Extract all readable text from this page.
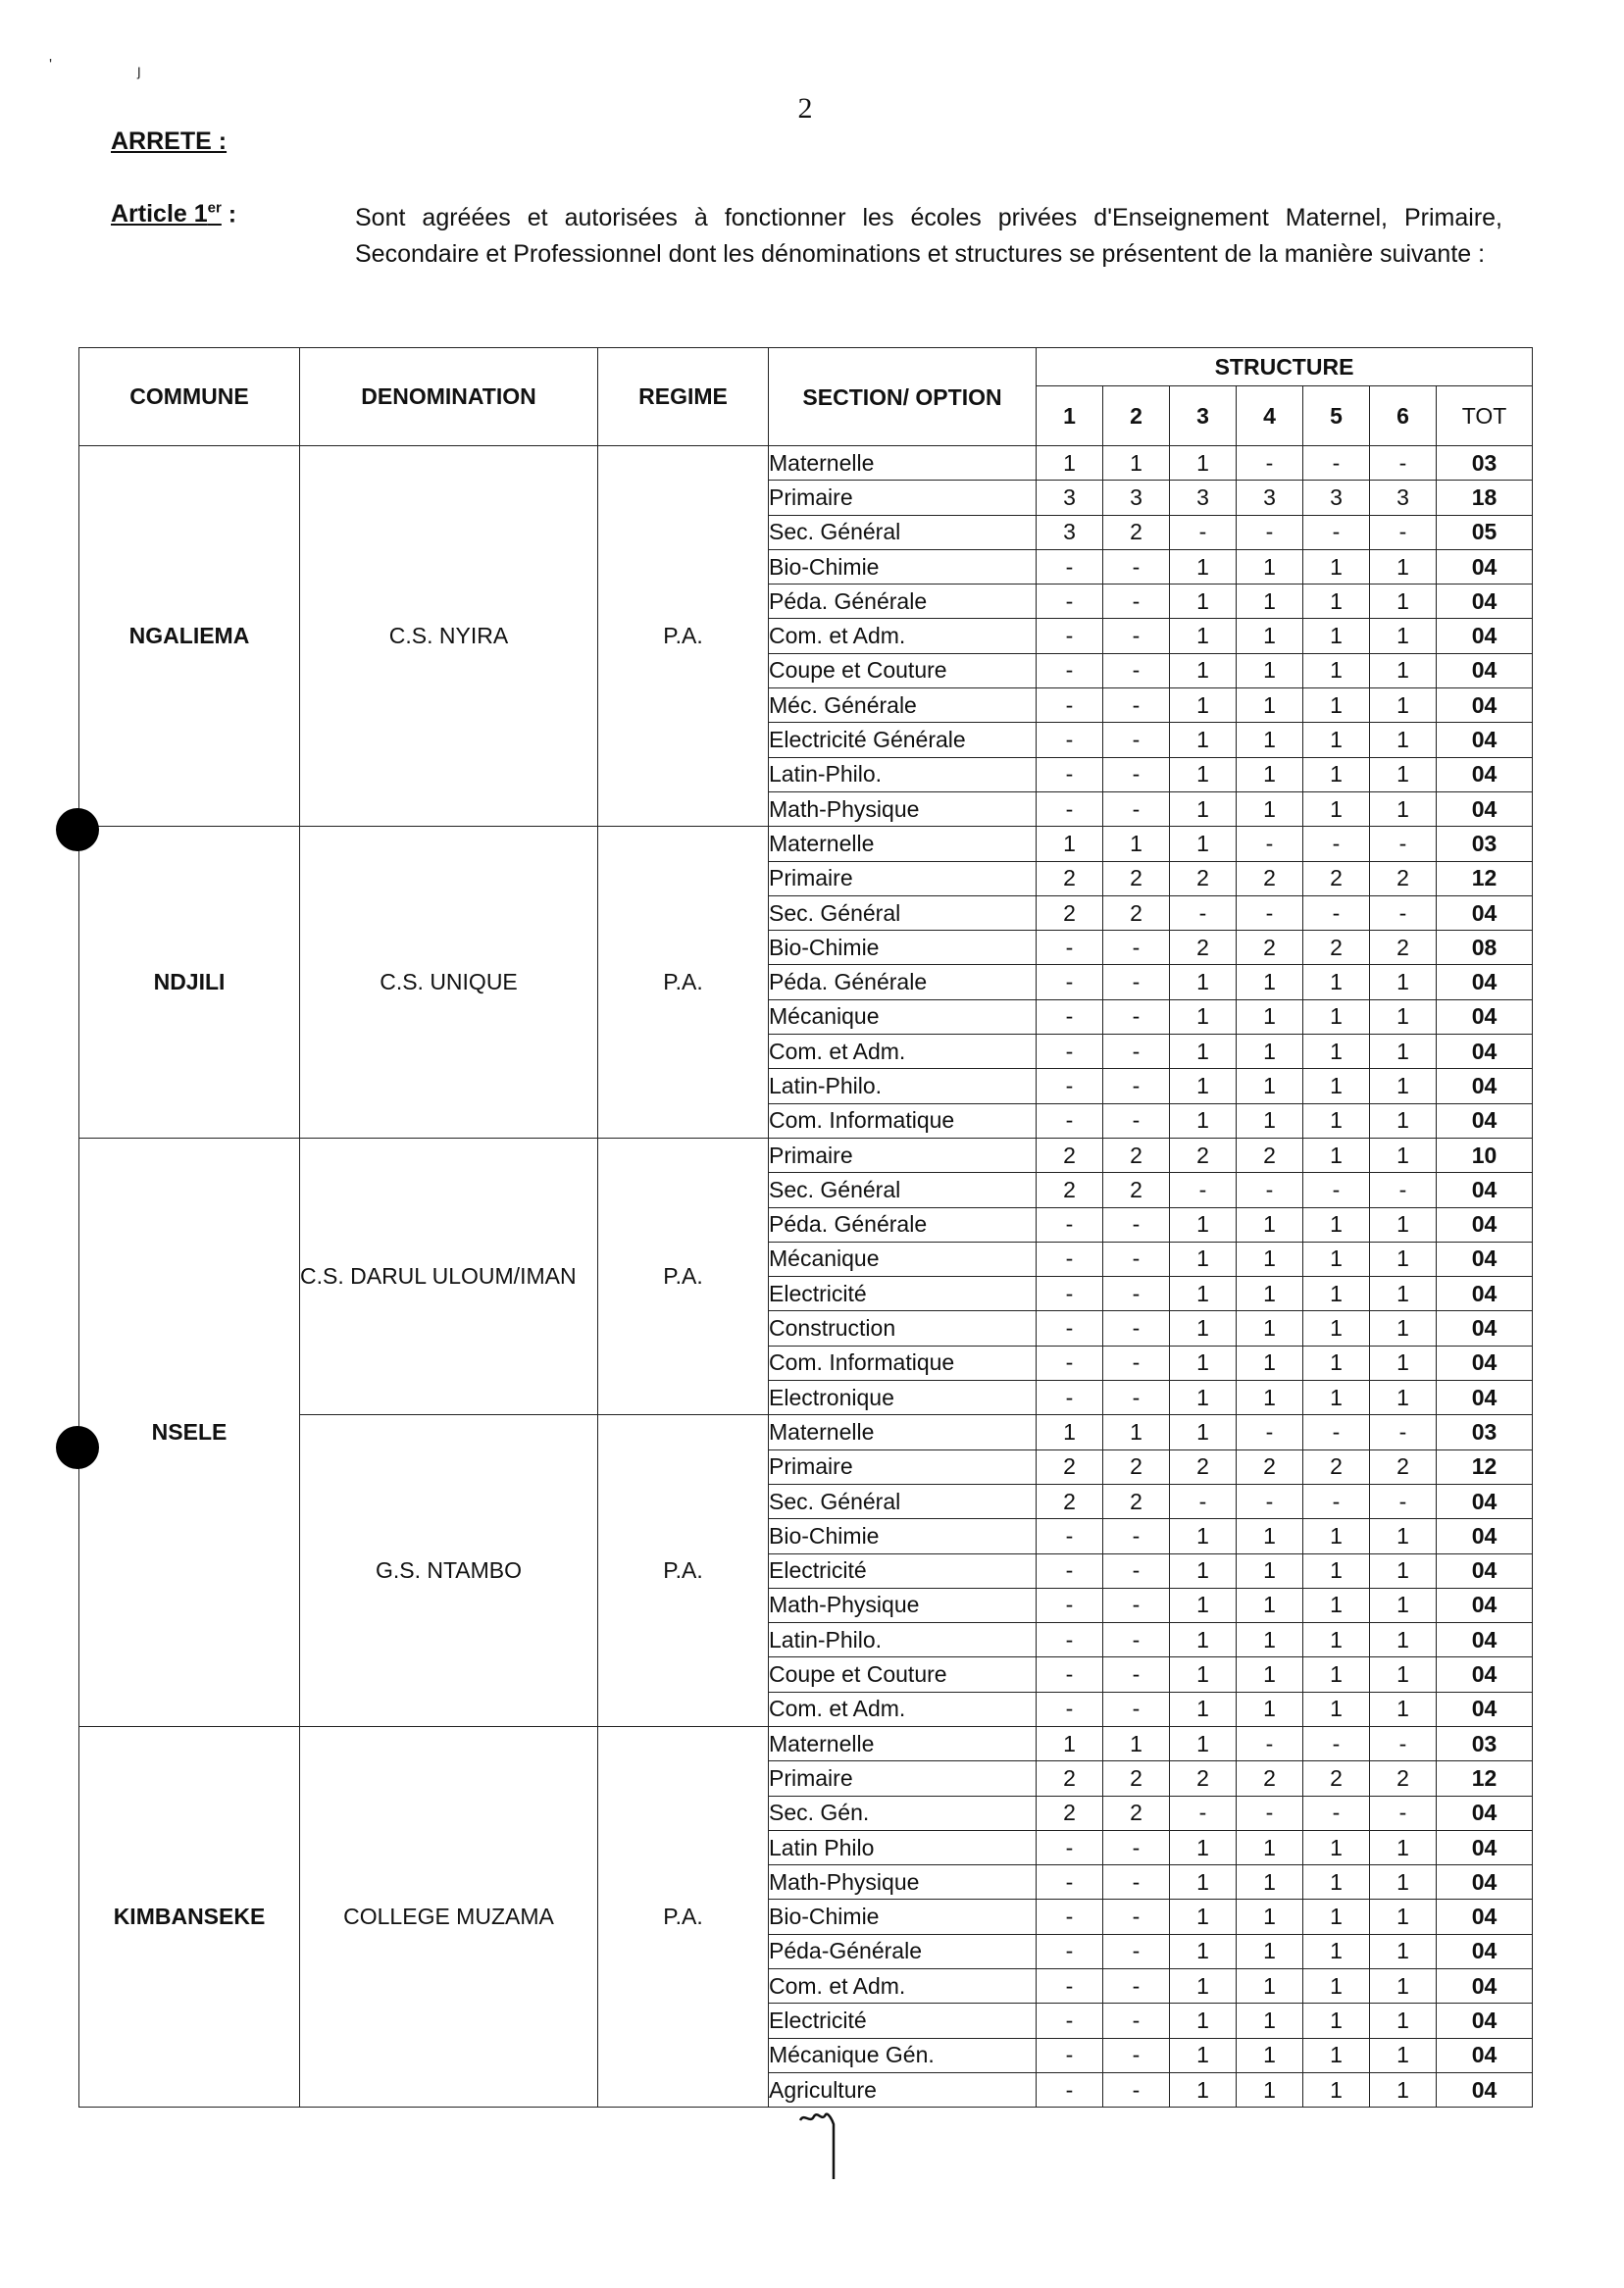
'	ȷ
2
ARRETE :
Article 1er :	Sont agréées et autorisées à fonctionner les écoles privées d'Enseignement Maternel, Primaire, Secondaire et Professionnel dont les dénominations et structures se présentent de la manière suivante :
COMMUNE	DENOMINATION	REGIME	SECTION/ OPTION	STRUCTURE						
				1	2	3	4	5	6	TOT
NGALIEMA	C.S. NYIRA	P.A.	Maternelle	1	1	1	-	-	-	03
			Primaire	3	3	3	3	3	3	18
			Sec. Général	3	2	-	-	-	-	05
			Bio-Chimie	-	-	1	1	1	1	04
			Péda. Générale	-	-	1	1	1	1	04
			Com. et Adm.	-	-	1	1	1	1	04
			Coupe et Couture	-	-	1	1	1	1	04
			Méc. Générale	-	-	1	1	1	1	04
			Electricité Générale	-	-	1	1	1	1	04
			Latin-Philo.	-	-	1	1	1	1	04
			Math-Physique	-	-	1	1	1	1	04
NDJILI	C.S. UNIQUE	P.A.	Maternelle	1	1	1	-	-	-	03
			Primaire	2	2	2	2	2	2	12
			Sec. Général	2	2	-	-	-	-	04
			Bio-Chimie	-	-	2	2	2	2	08
			Péda. Générale	-	-	1	1	1	1	04
			Mécanique	-	-	1	1	1	1	04
			Com. et Adm.	-	-	1	1	1	1	04
			Latin-Philo.	-	-	1	1	1	1	04
			Com. Informatique	-	-	1	1	1	1	04
NSELE	C.S. DARUL ULOUM/IMAN	P.A.	Primaire	2	2	2	2	1	1	10
			Sec. Général	2	2	-	-	-	-	04
			Péda. Générale	-	-	1	1	1	1	04
			Mécanique	-	-	1	1	1	1	04
			Electricité	-	-	1	1	1	1	04
			Construction	-	-	1	1	1	1	04
			Com. Informatique	-	-	1	1	1	1	04
			Electronique	-	-	1	1	1	1	04
	G.S. NTAMBO	P.A.	Maternelle	1	1	1	-	-	-	03
			Primaire	2	2	2	2	2	2	12
			Sec. Général	2	2	-	-	-	-	04
			Bio-Chimie	-	-	1	1	1	1	04
			Electricité	-	-	1	1	1	1	04
			Math-Physique	-	-	1	1	1	1	04
			Latin-Philo.	-	-	1	1	1	1	04
			Coupe et Couture	-	-	1	1	1	1	04
			Com. et Adm.	-	-	1	1	1	1	04
KIMBANSEKE	COLLEGE MUZAMA	P.A.	Maternelle	1	1	1	-	-	-	03
			Primaire	2	2	2	2	2	2	12
			Sec. Gén.	2	2	-	-	-	-	04
			Latin Philo	-	-	1	1	1	1	04
			Math-Physique	-	-	1	1	1	1	04
			Bio-Chimie	-	-	1	1	1	1	04
			Péda-Générale	-	-	1	1	1	1	04
			Com. et Adm.	-	-	1	1	1	1	04
			Electricité	-	-	1	1	1	1	04
			Mécanique Gén.	-	-	1	1	1	1	04
			Agriculture	-	-	1	1	1	1	04
